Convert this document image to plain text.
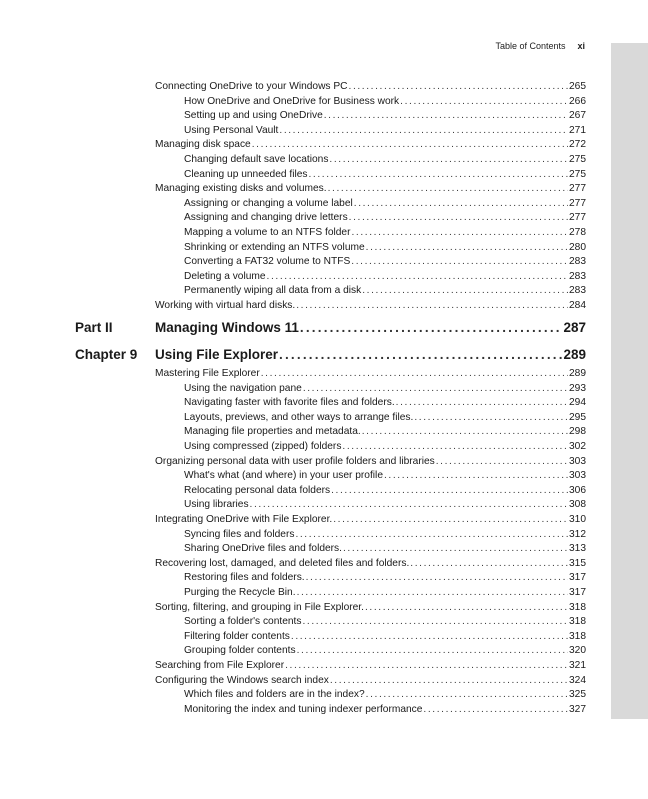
Table of Contents xi
Connecting OneDrive to your Windows PC .....	265
How OneDrive and OneDrive for Business work .....	266
Setting up and using OneDrive .....	267
Using Personal Vault .....	271
Managing disk space .....	272
Changing default save locations .....	275
Cleaning up unneeded files .....	275
Managing existing disks and volumes. .....	277
Assigning or changing a volume label .....	277
Assigning and changing drive letters .....	277
Mapping a volume to an NTFS folder .....	278
Shrinking or extending an NTFS volume .....	280
Converting a FAT32 volume to NTFS .....	283
Deleting a volume .....	283
Permanently wiping all data from a disk .....	283
Working with virtual hard disks. .....	284
Part II	Managing Windows 11 .....	287
Chapter 9 Using File Explorer .....	289
Mastering File Explorer .....	289
Using the navigation pane .....	293
Navigating faster with favorite files and folders. .....	294
Layouts, previews, and other ways to arrange files. .....	295
Managing file properties and metadata. .....	298
Using compressed (zipped) folders .....	302
Organizing personal data with user profile folders and libraries .....	303
What's what (and where) in your user profile .....	303
Relocating personal data folders .....	306
Using libraries .....	308
Integrating OneDrive with File Explorer. .....	310
Syncing files and folders .....	312
Sharing OneDrive files and folders. .....	313
Recovering lost, damaged, and deleted files and folders. .....	315
Restoring files and folders. .....	317
Purging the Recycle Bin. .....	317
Sorting, filtering, and grouping in File Explorer. .....	318
Sorting a folder's contents .....	318
Filtering folder contents .....	318
Grouping folder contents .....	320
Searching from File Explorer .....	321
Configuring the Windows search index .....	324
Which files and folders are in the index? .....	325
Monitoring the index and tuning indexer performance .....	327
